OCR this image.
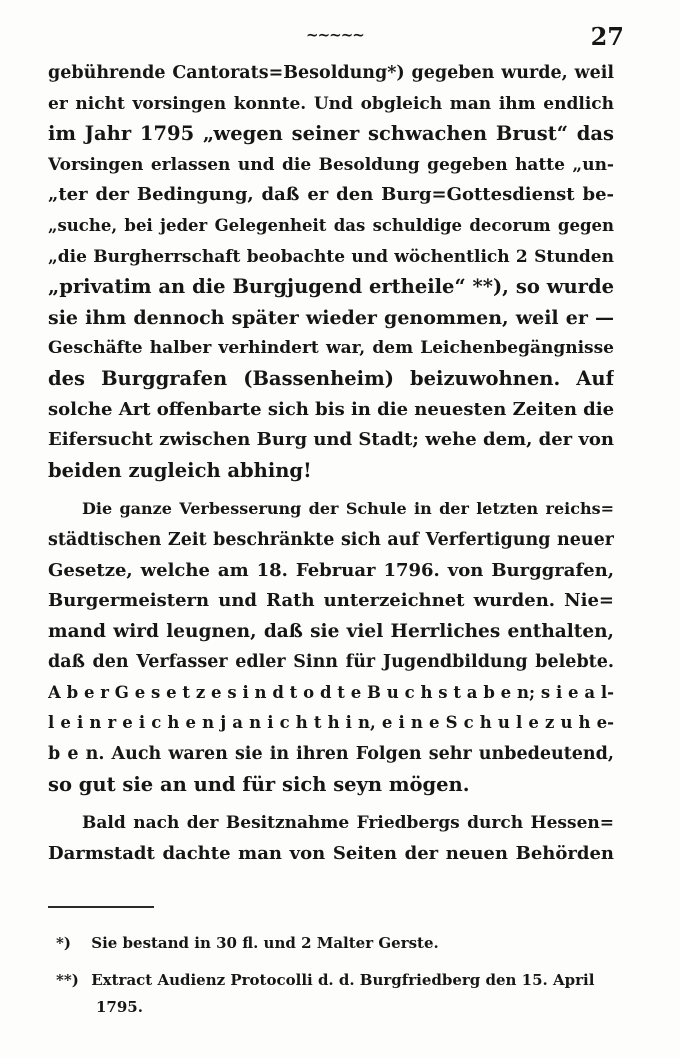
~~~~~	27
gebührende Cantorats=Besoldung*) gegeben wurde, weil
er nicht vorsingen konnte. Und obgleich man ihm endlich
im Jahr 1795 „wegen seiner schwachen Brust“ das
Vorsingen erlassen und die Besoldung gegeben hatte „un-
„ter der Bedingung, daß er den Burg=Gottesdienst be-
„suche, bei jeder Gelegenheit das schuldige decorum gegen
„die Burgherrschaft beobachte und wöchentlich 2 Stunden
„privatim an die Burgjugend ertheile“ **), so wurde
sie ihm dennoch später wieder genommen, weil er —
Geschäfte halber verhindert war, dem Leichenbegängnisse
des Burggrafen (Bassenheim) beizuwohnen. Auf
solche Art offenbarte sich bis in die neuesten Zeiten die
Eifersucht zwischen Burg und Stadt; wehe dem, der von
beiden zugleich abhing!
Die ganze Verbesserung der Schule in der letzten reichs=
städtischen Zeit beschränkte sich auf Verfertigung neuer
Gesetze, welche am 18. Februar 1796. von Burggrafen,
Burgermeistern und Rath unterzeichnet wurden. Nie=
mand wird leugnen, daß sie viel Herrliches enthalten,
daß den Verfasser edler Sinn für Jugendbildung belebte.
A b e r G e s e t z e s i n d t o d t e B u c h s t a b e n; s i e a l-
l e i n r e i c h e n j a n i c h t h i n, e i n e S c h u l e z u h e-
b e n. Auch waren sie in ihren Folgen sehr unbedeutend,
so gut sie an und für sich seyn mögen.
Bald nach der Besitznahme Friedbergs durch Hessen=
Darmstadt dachte man von Seiten der neuen Behörden
*) Sie bestand in 30 fl. und 2 Malter Gerste.
**) Extract Audienz Protocolli d. d. Burgfriedberg den 15. April
1795.
